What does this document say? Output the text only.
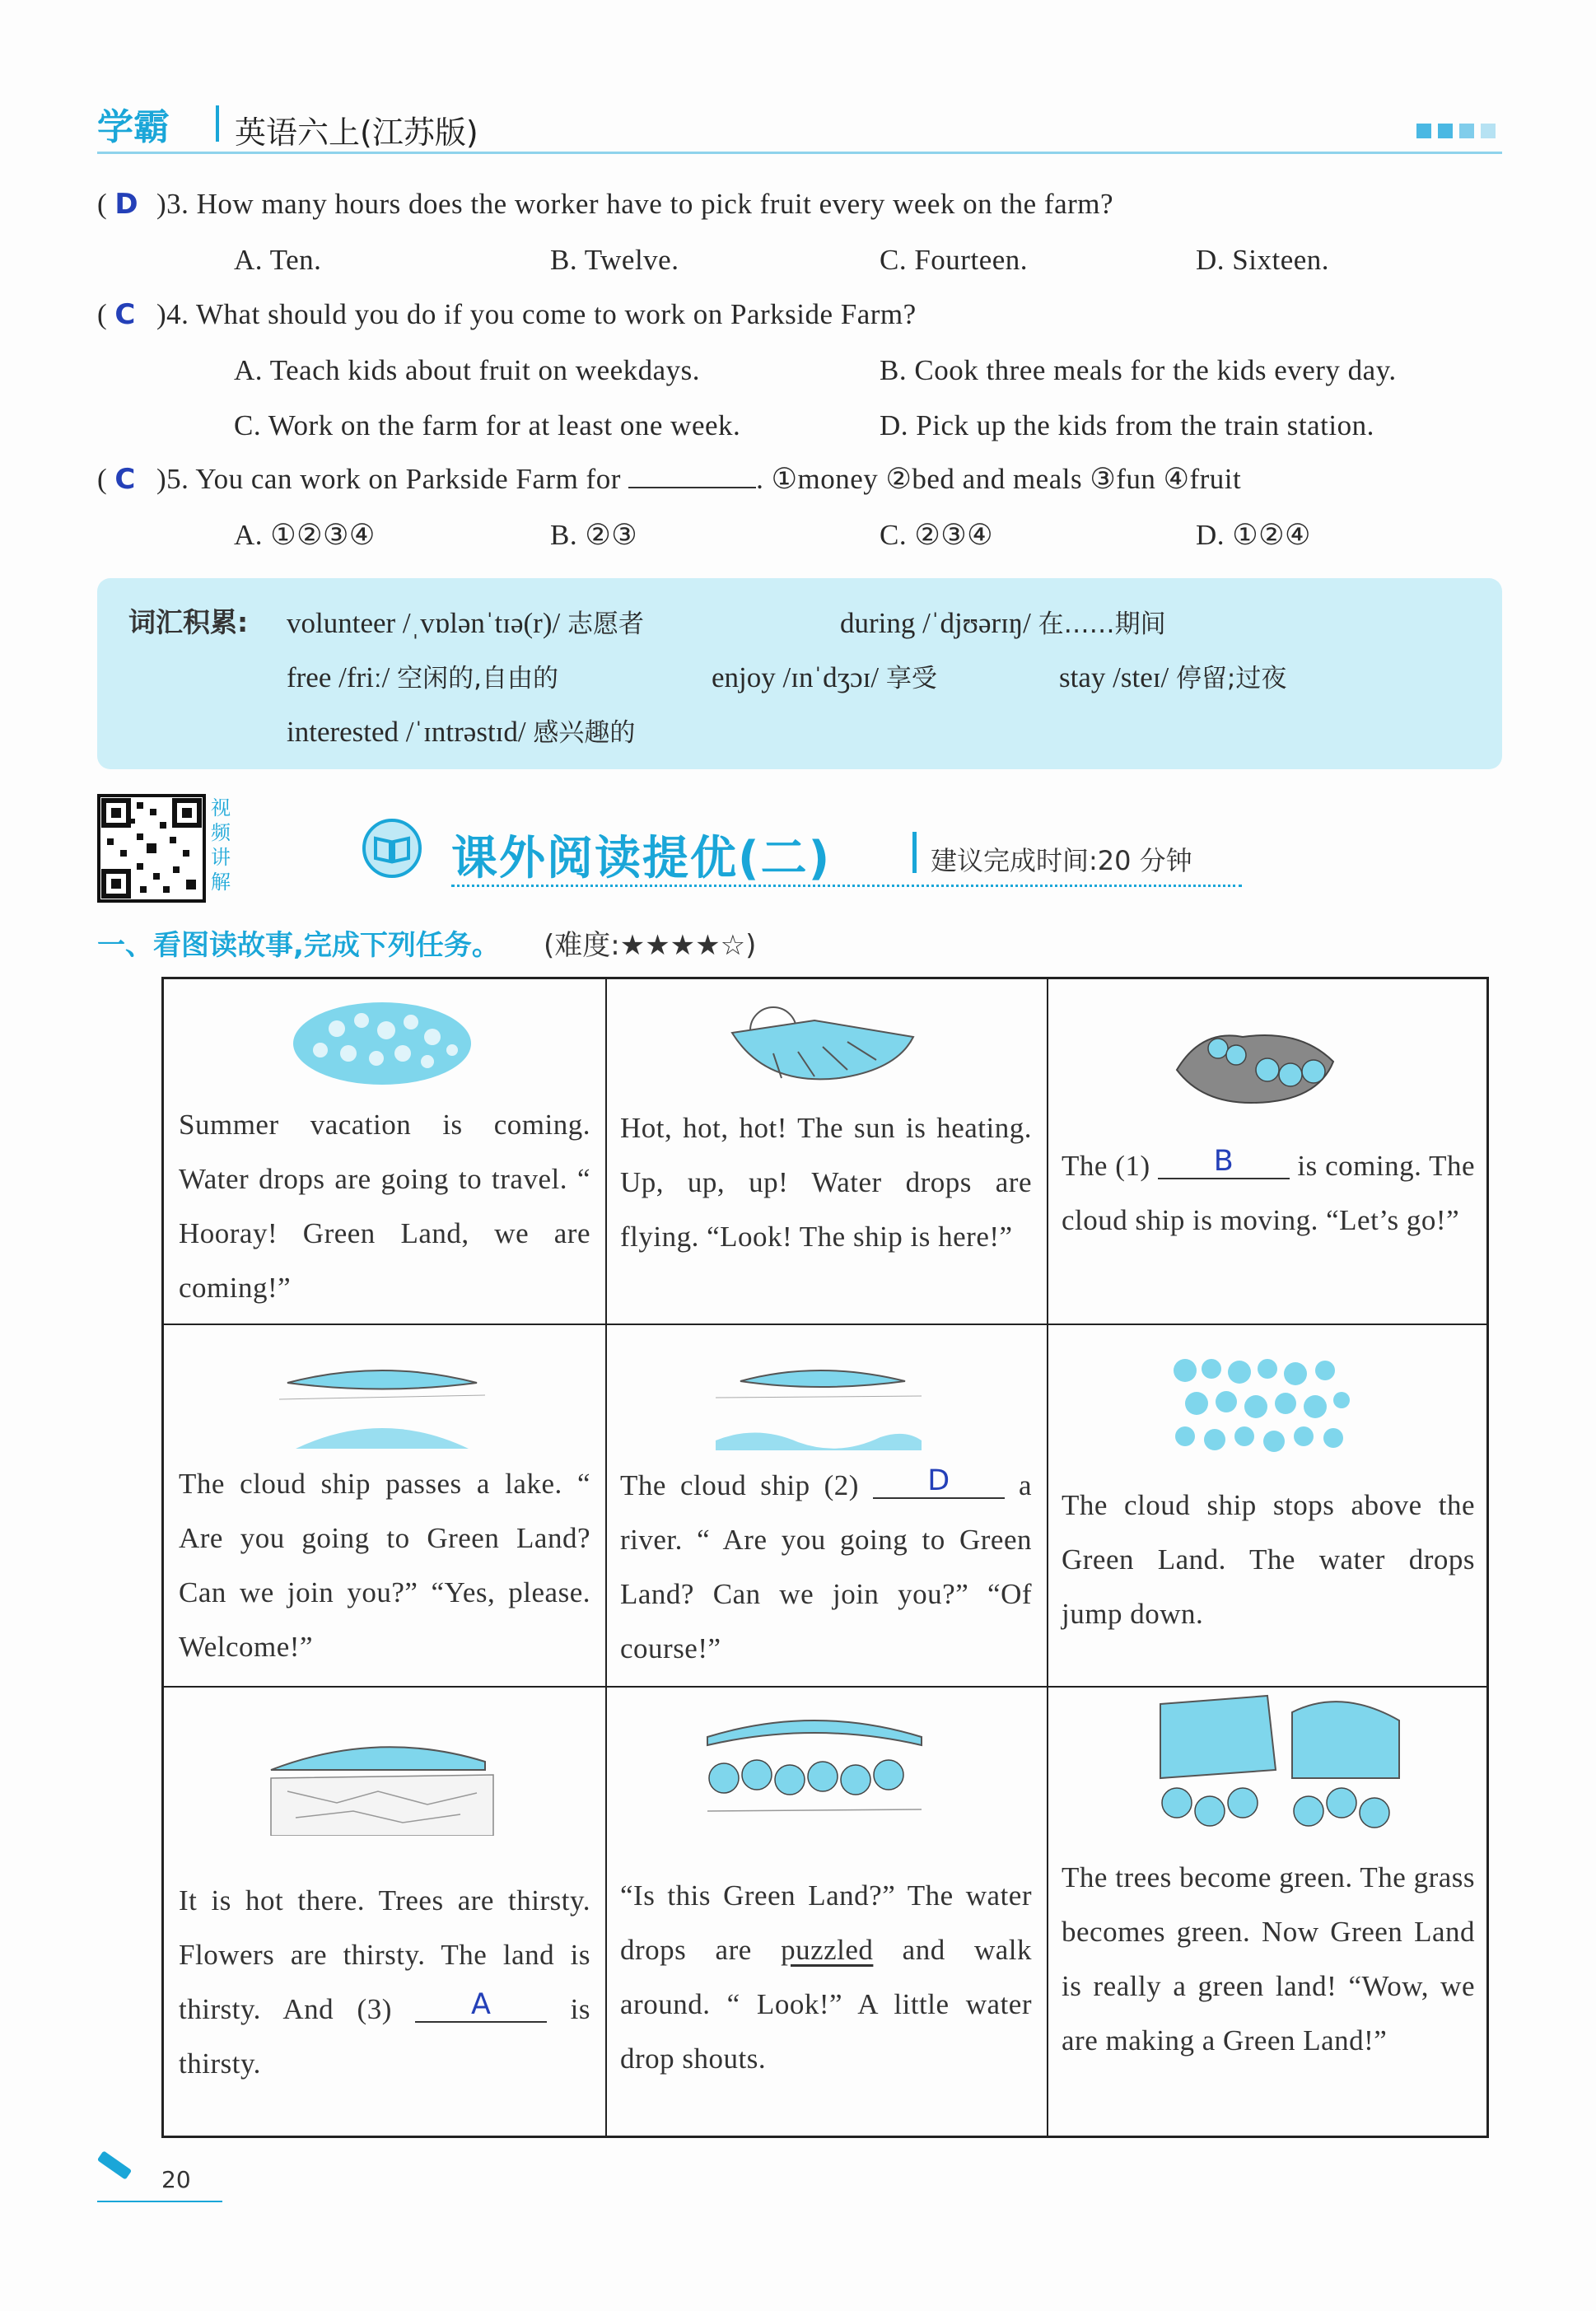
学霸 英语六上(江苏版)
( D )3. How many hours does the worker have to pick fruit every week on the farm?
A. Ten.	B. Twelve.	C. Fourteen.	D. Sixteen.
( C )4. What should you do if you come to work on Parkside Farm?
A. Teach kids about fruit on weekdays.	B. Cook three meals for the kids every day.
C. Work on the farm for at least one week.	D. Pick up the kids from the train station.
( C )5. You can work on Parkside Farm for	. ①money ②bed and meals ③fun ④fruit
A. ①②③④	B. ②③	C. ②③④	D. ①②④
词汇积累: volunteer /ˌvɒlənˈtɪə(r)/ 志愿者	during /ˈdjʊərɪŋ/ 在……期间
free /friː/ 空闲的,自由的	enjoy /ɪnˈdʒɔɪ/ 享受	stay /steɪ/ 停留;过夜
interested /ˈɪntrəstɪd/ 感兴趣的
视频讲解	课外阅读提优(二)	建议完成时间:20 分钟
一、看图读故事,完成下列任务。 (难度:★★★★☆)
Summer vacation is coming. Water drops are going to travel. “ Hooray! Green Land, we are coming!”
Hot, hot, hot! The sun is heating. Up, up, up! Water drops are flying. “Look! The ship is here!”
The (1) B is coming. The cloud ship is moving. “Let’s go!”
The cloud ship passes a lake. “ Are you going to Green Land? Can we join you?” “Yes, please. Welcome!”
The cloud ship (2) D a river. “ Are you going to Green Land? Can we join you?” “Of course!”
The cloud ship stops above the Green Land. The water drops jump down.
It is hot there. Trees are thirsty. Flowers are thirsty. The land is thirsty. And (3)	A	is thirsty.
“Is this Green Land?” The water drops are puzzled and walk around. “ Look!” A little water drop shouts.
The trees become green. The grass becomes green. Now Green Land is really a green land! “Wow, we are making a Green Land!”
20
